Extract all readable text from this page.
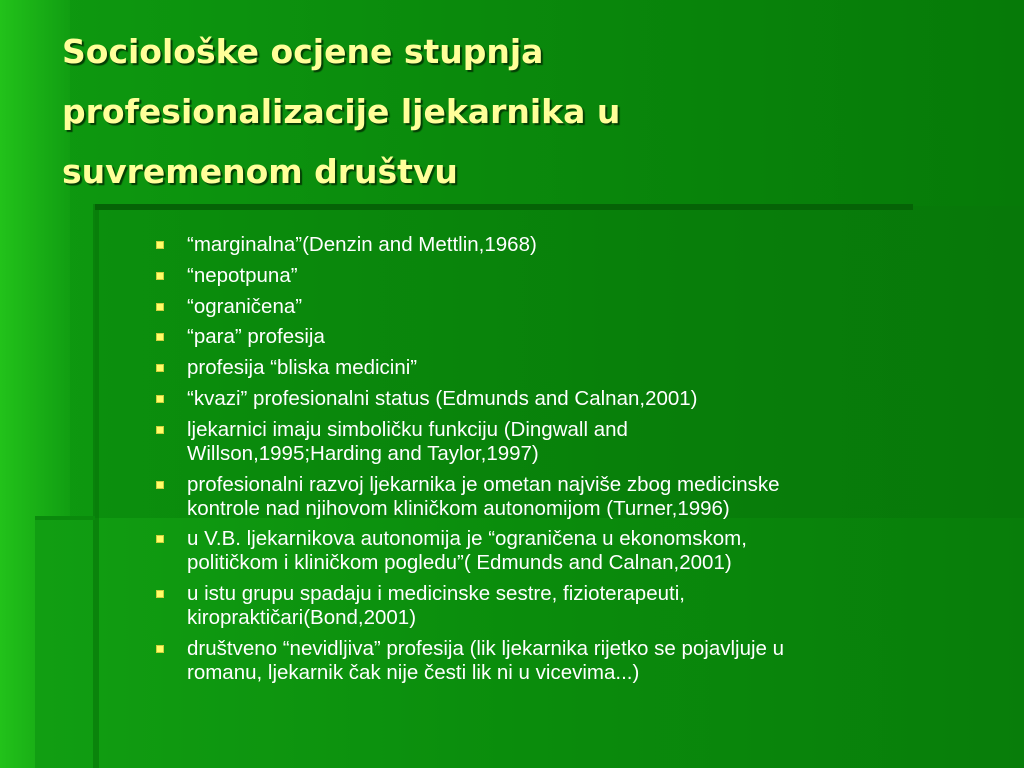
Sociološke ocjene stupnja
profesionalizacije ljekarnika u
suvremenom društvu
“marginalna”(Denzin and Mettlin,1968)
“nepotpuna”
“ograničena”
“para” profesija
profesija “bliska medicini”
“kvazi” profesionalni status (Edmunds and Calnan,2001)
ljekarnici imaju simboličku funkciju (Dingwall and
Willson,1995;Harding and Taylor,1997)
profesionalni razvoj ljekarnika je ometan najviše zbog medicinske
kontrole nad njihovom kliničkom autonomijom (Turner,1996)
u V.B. ljekarnikova autonomija je “ograničena u ekonomskom,
političkom i kliničkom pogledu”( Edmunds and Calnan,2001)
u istu grupu spadaju i medicinske sestre, fizioterapeuti,
kiropraktičari(Bond,2001)
društveno “nevidljiva” profesija (lik ljekarnika rijetko se pojavljuje u
romanu, ljekarnik čak nije česti lik ni u vicevima...)
